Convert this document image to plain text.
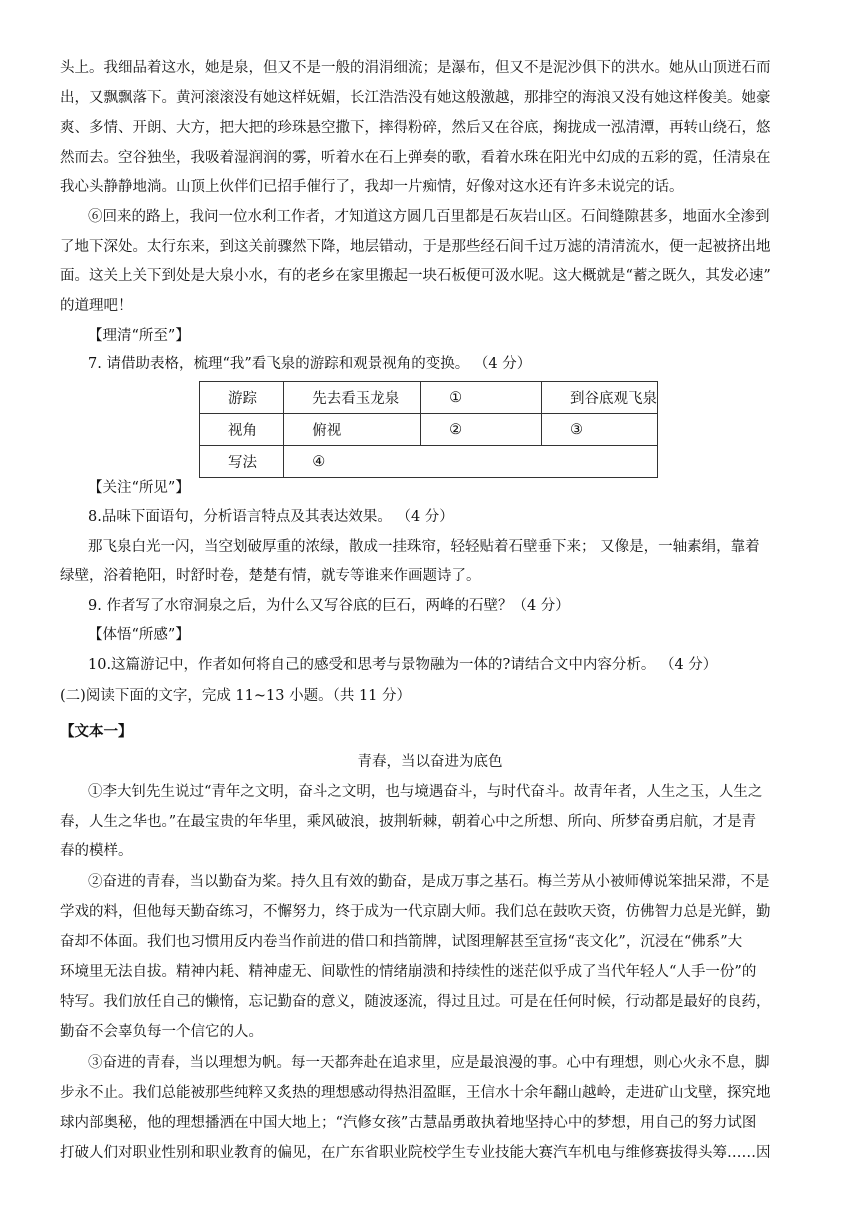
头上。我细品着这水，她是泉，但又不是一般的涓涓细流；是瀑布，但又不是泥沙俱下的洪水。她从山顶迸石而
出，又飘飘落下。黄河滚滚没有她这样妩媚，长江浩浩没有她这般激越，那排空的海浪又没有她这样俊美。她豪
爽、多情、开朗、大方，把大把的珍珠悬空撒下，摔得粉碎，然后又在谷底，掬拢成一泓清潭，再转山绕石，悠
然而去。空谷独坐，我吸着湿润润的雾，听着水在石上弹奏的歌，看着水珠在阳光中幻成的五彩的霓，任清泉在
我心头静静地淌。山顶上伙伴们已招手催行了，我却一片痴情，好像对这水还有许多未说完的话。
⑥回来的路上，我问一位水利工作者，才知道这方圆几百里都是石灰岩山区。石间缝隙甚多，地面水全渗到
了地下深处。太行东来，到这关前骤然下降，地层错动，于是那些经石间千过万滤的清清流水，便一起被挤出地
面。这关上关下到处是大泉小水，有的老乡在家里搬起一块石板便可汲水呢。这大概就是“蓄之既久，其发必速”
的道理吧！
【理清“所至”】
7. 请借助表格，梳理“我”看飞泉的游踪和观景视角的变换。 （4 分）
游踪	先去看玉龙泉	①	到谷底观飞泉
视角	俯视	②	③
写法	④		
【关注“所见”】
8.品味下面语句，分析语言特点及其表达效果。 （4 分）
那飞泉白光一闪，当空划破厚重的浓绿，散成一挂珠帘，轻轻贴着石壁垂下来； 又像是，一轴素绢，靠着
绿壁，浴着艳阳，时舒时卷，楚楚有情，就专等谁来作画题诗了。
9. 作者写了水帘洞泉之后，为什么又写谷底的巨石，两峰的石壁？（4 分）
【体悟“所感”】
10.这篇游记中，作者如何将自己的感受和思考与景物融为一体的?请结合文中内容分析。 （4 分）
(二)阅读下面的文字，完成 11~13 小题。（共 11 分）
【文本一】
青春，当以奋进为底色
①李大钊先生说过“青年之文明，奋斗之文明，也与境遇奋斗，与时代奋斗。故青年者，人生之玉，人生之
春，人生之华也。”在最宝贵的年华里，乘风破浪，披荆斩棘，朝着心中之所想、所向、所梦奋勇启航，才是青
春的模样。
②奋进的青春，当以勤奋为桨。持久且有效的勤奋，是成万事之基石。梅兰芳从小被师傅说笨拙呆滞，不是
学戏的料，但他每天勤奋练习，不懈努力，终于成为一代京剧大师。我们总在鼓吹天资，仿佛智力总是光鲜，勤
奋却不体面。我们也习惯用反内卷当作前进的借口和挡箭牌，试图理解甚至宣扬“丧文化”，沉浸在“佛系”大
环境里无法自拔。精神内耗、精神虚无、间歇性的情绪崩溃和持续性的迷茫似乎成了当代年轻人“人手一份”的
特写。我们放任自己的懒惰，忘记勤奋的意义，随波逐流，得过且过。可是在任何时候，行动都是最好的良药，
勤奋不会辜负每一个信它的人。
③奋进的青春，当以理想为帆。每一天都奔赴在追求里，应是最浪漫的事。心中有理想，则心火永不息，脚
步永不止。我们总能被那些纯粹又炙热的理想感动得热泪盈眶，王信水十余年翻山越岭，走进矿山戈壁，探究地
球内部奥秘，他的理想播洒在中国大地上；“汽修女孩”古慧晶勇敢执着地坚持心中的梦想，用自己的努力试图
打破人们对职业性别和职业教育的偏见，在广东省职业院校学生专业技能大赛汽车机电与维修赛拔得头筹……因
